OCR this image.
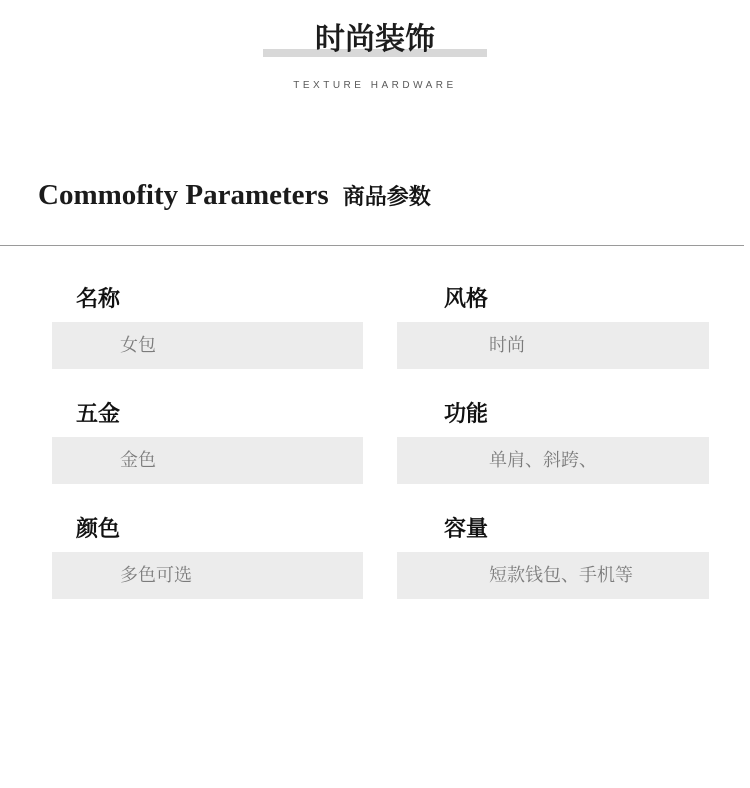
时尚装饰
TEXTURE HARDWARE
Commofity Parameters 商品参数
名称
女包
风格
时尚
五金
金色
功能
单肩、斜跨、
颜色
多色可选
容量
短款钱包、手机等
